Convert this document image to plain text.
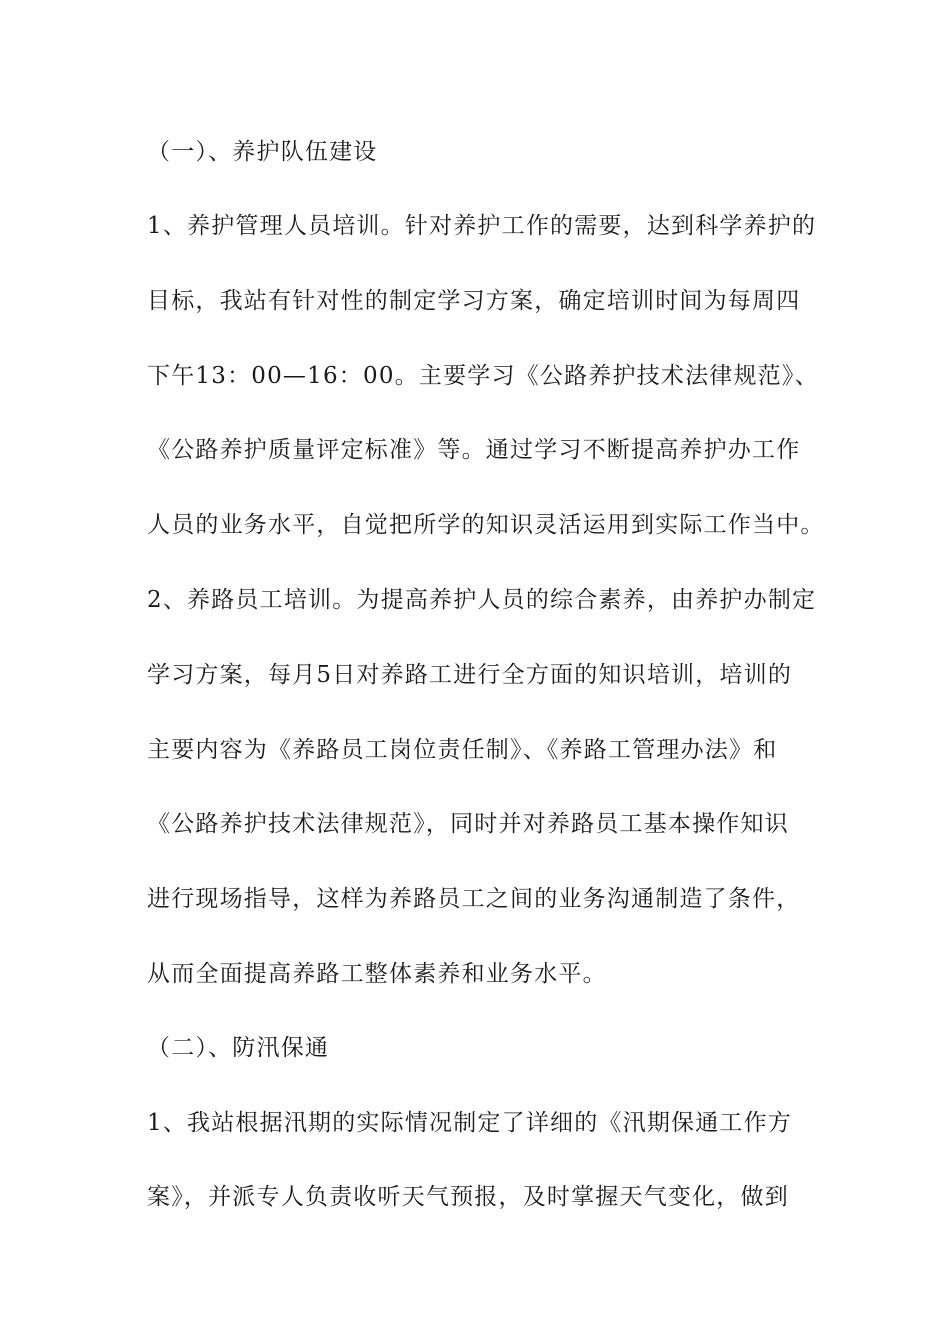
（一）、养护队伍建设
1、养护管理人员培训。针对养护工作的需要，达到科学养护的
目标，我站有针对性的制定学习方案，确定培训时间为每周四
下午13：00—16：00。主要学习《公路养护技术法律规范》、
《公路养护质量评定标准》等。通过学习不断提高养护办工作
人员的业务水平，自觉把所学的知识灵活运用到实际工作当中。
2、养路员工培训。为提高养护人员的综合素养，由养护办制定
学习方案，每月5日对养路工进行全方面的知识培训，培训的
主要内容为《养路员工岗位责任制》、《养路工管理办法》和
《公路养护技术法律规范》，同时并对养路员工基本操作知识
进行现场指导，这样为养路员工之间的业务沟通制造了条件，
从而全面提高养路工整体素养和业务水平。
（二）、防汛保通
1、我站根据汛期的实际情况制定了详细的《汛期保通工作方
案》，并派专人负责收听天气预报，及时掌握天气变化，做到
